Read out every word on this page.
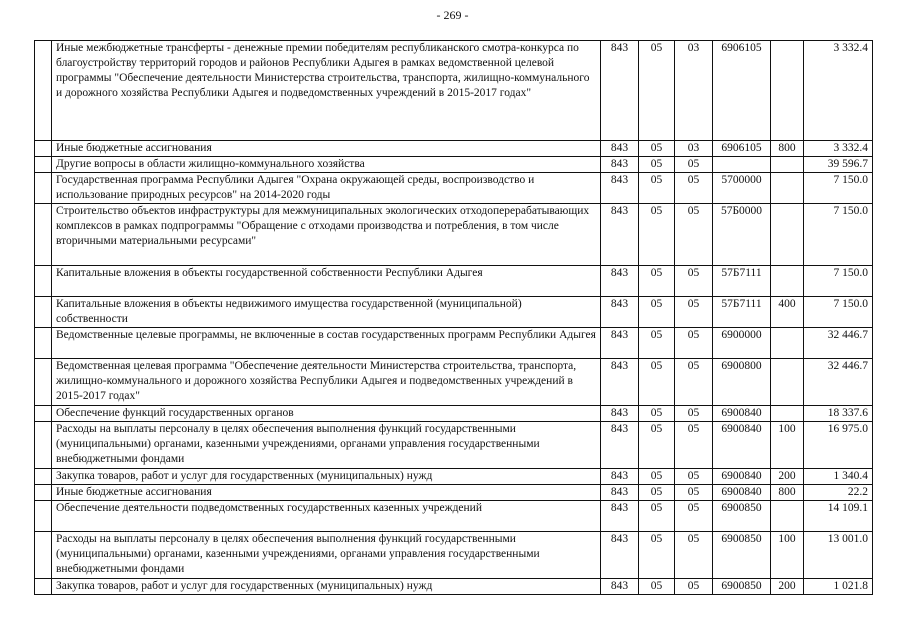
- 269 -
	Иные межбюджетные трансферты - денежные премии победителям республиканского смотра-конкурса по благоустройству территорий городов и районов Республики Адыгея в рамках ведомственной целевой программы "Обеспечение деятельности Министерства строительства, транспорта, жилищно-коммунального и дорожного хозяйства Республики Адыгея и подведомственных учреждений в 2015-2017 годах"	843	05	03	6906105		3 332.4
	Иные бюджетные ассигнования	843	05	03	6906105	800	3 332.4
	Другие вопросы в области жилищно-коммунального хозяйства	843	05	05			39 596.7
	Государственная программа Республики Адыгея "Охрана окружающей среды, воспроизводство и использование природных ресурсов" на 2014-2020 годы	843	05	05	5700000		7 150.0
	Строительство объектов инфраструктуры для межмуниципальных экологических отходоперерабатывающих комплексов в рамках подпрограммы "Обращение с отходами производства и потребления, в том числе вторичными материальными ресурсами"	843	05	05	57Б0000		7 150.0
	Капитальные вложения в объекты государственной собственности Республики Адыгея	843	05	05	57Б7111		7 150.0
	Капитальные вложения в объекты недвижимого имущества государственной (муниципальной) собственности	843	05	05	57Б7111	400	7 150.0
	Ведомственные целевые программы, не включенные в состав государственных программ Республики Адыгея	843	05	05	6900000		32 446.7
	Ведомственная целевая программа "Обеспечение деятельности Министерства строительства, транспорта, жилищно-коммунального и дорожного хозяйства Республики Адыгея и подведомственных учреждений в 2015-2017 годах"	843	05	05	6900800		32 446.7
	Обеспечение функций государственных органов	843	05	05	6900840		18 337.6
	Расходы на выплаты персоналу в целях обеспечения выполнения функций государственными (муниципальными) органами, казенными учреждениями, органами управления государственными внебюджетными фондами	843	05	05	6900840	100	16 975.0
	Закупка товаров, работ и услуг для государственных (муниципальных) нужд	843	05	05	6900840	200	1 340.4
	Иные бюджетные ассигнования	843	05	05	6900840	800	22.2
	Обеспечение деятельности подведомственных государственных казенных учреждений	843	05	05	6900850		14 109.1
	Расходы на выплаты персоналу в целях обеспечения выполнения функций государственными (муниципальными) органами, казенными учреждениями, органами управления государственными внебюджетными фондами	843	05	05	6900850	100	13 001.0
	Закупка товаров, работ и услуг для государственных (муниципальных) нужд	843	05	05	6900850	200	1 021.8
